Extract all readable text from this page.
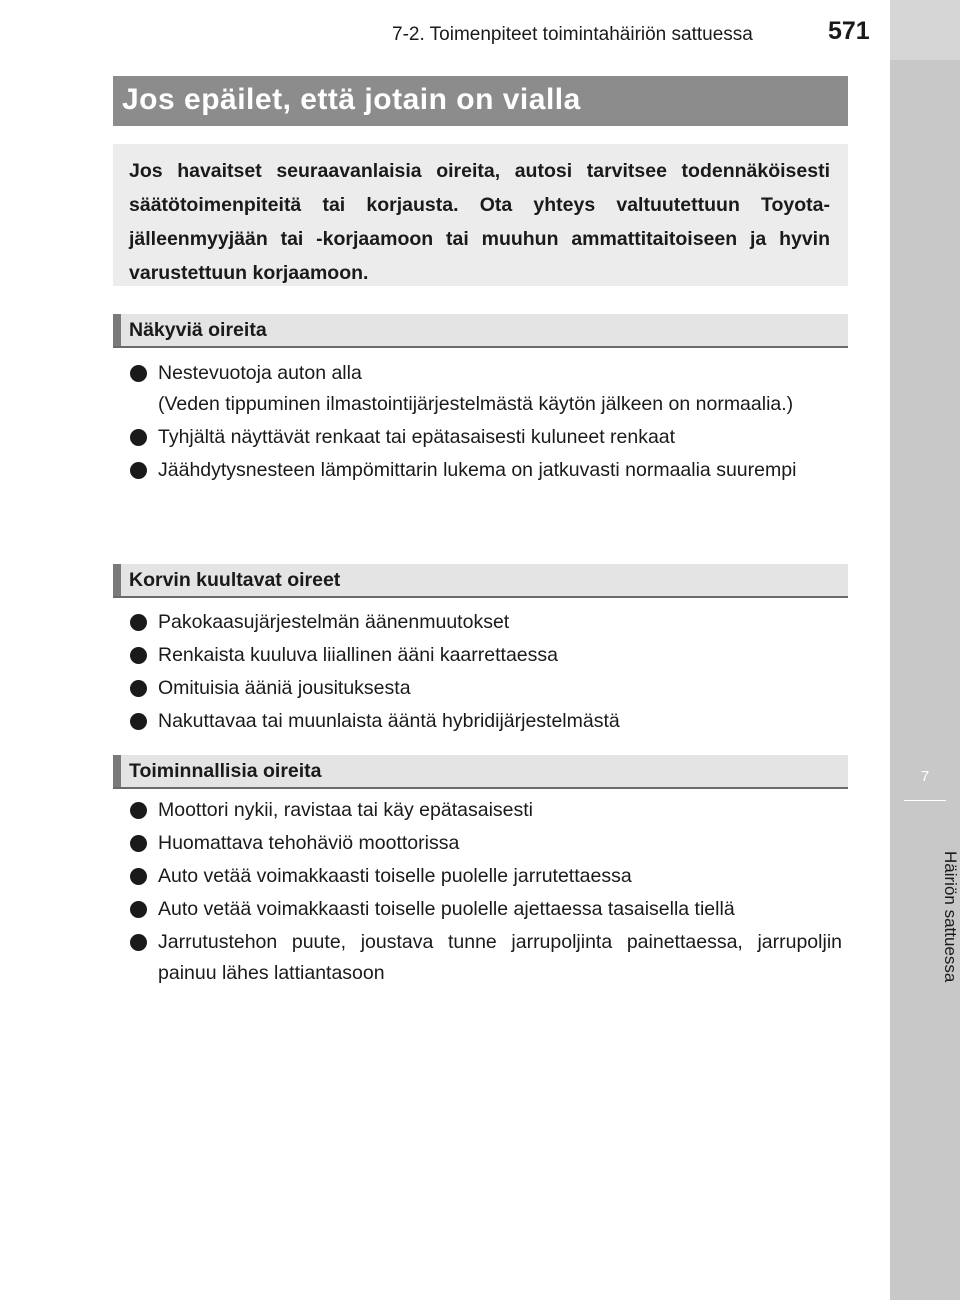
7
Häiriön sattuessa
7-2. Toimenpiteet toimintahäiriön sattuessa	571
Jos epäilet, että jotain on vialla

Jos havaitset seuraavanlaisia oireita, autosi tarvitsee todennäköisesti säätötoimenpiteitä tai korjausta. Ota yhteys valtuutettuun Toyota-jälleenmyyjään tai -korjaamoon tai muuhun ammattitaitoiseen ja hyvin varustettuun korjaamoon.

Näkyviä oireita
Nestevuotoja auton alla
(Veden tippuminen ilmastointijärjestelmästä käytön jälkeen on normaalia.)
Tyhjältä näyttävät renkaat tai epätasaisesti kuluneet renkaat
Jäähdytysnesteen lämpömittarin lukema on jatkuvasti normaalia suurempi
Korvin kuultavat oireet
Pakokaasujärjestelmän äänenmuutokset
Renkaista kuuluva liiallinen ääni kaarrettaessa
Omituisia ääniä jousituksesta
Nakuttavaa tai muunlaista ääntä hybridijärjestelmästä
Toiminnallisia oireita
Moottori nykii, ravistaa tai käy epätasaisesti
Huomattava tehohäviö moottorissa
Auto vetää voimakkaasti toiselle puolelle jarrutettaessa
Auto vetää voimakkaasti toiselle puolelle ajettaessa tasaisella tiellä
Jarrutustehon puute, joustava tunne jarrupoljinta painettaessa, jarrupoljin painuu lähes lattiantasoon
